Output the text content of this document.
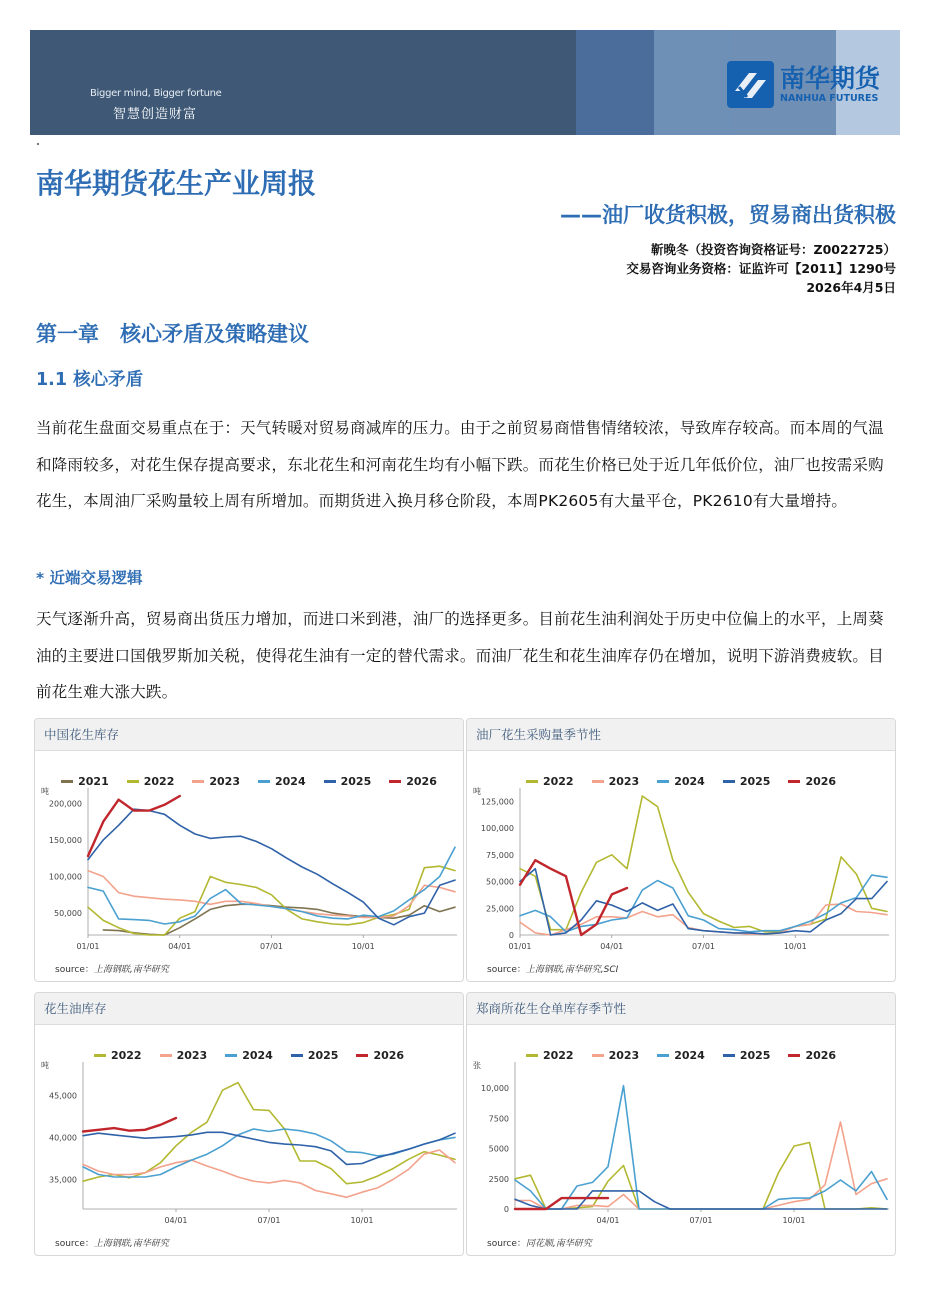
Bigger mind, Bigger fortune
智慧创造财富
南华期货
NANHUA FUTURES
南华期货花生产业周报
——油厂收货积极，贸易商出货积极
靳晚冬（投资咨询资格证号：Z0022725）
交易咨询业务资格：证监许可【2011】1290号
2026年4月5日
第一章　核心矛盾及策略建议
1.1 核心矛盾

当前花生盘面交易重点在于：天气转暖对贸易商减库的压力。由于之前贸易商惜售情绪较浓，导致库存较高。而本周的气温和降雨较多，对花生保存提高要求，东北花生和河南花生均有小幅下跌。而花生价格已处于近几年低价位，油厂也按需采购花生，本周油厂采购量较上周有所增加。而期货进入换月移仓阶段，本周PK2605有大量平仓，PK2610有大量增持。

* 近端交易逻辑

天气逐渐升高，贸易商出货压力增加，而进口米到港，油厂的选择更多。目前花生油利润处于历史中位偏上的水平，上周葵油的主要进口国俄罗斯加关税，使得花生油有一定的替代需求。而油厂花生和花生油库存仍在增加，说明下游消费疲软。目前花生难大涨大跌。

中国花生库存
2021	2022	2023	2024	2025	2026
吨
50,000
100,000
150,000
200,000
01/01	04/01	07/01	10/01
source：上海钢联,南华研究
油厂花生采购量季节性
2022	2023	2024	2025	2026
吨
0
25,000
50,000
75,000
100,000
125,000
01/01	04/01	07/01	10/01
source：上海钢联,南华研究,SCI
花生油库存
2022	2023	2024	2025	2026
吨
35,000
40,000
45,000
04/01	07/01	10/01
source：上海钢联,南华研究
郑商所花生仓单库存季节性
2022	2023	2024	2025	2026
张
0
2500
5000
7500
10,000
04/01	07/01	10/01
source：同花顺,南华研究
